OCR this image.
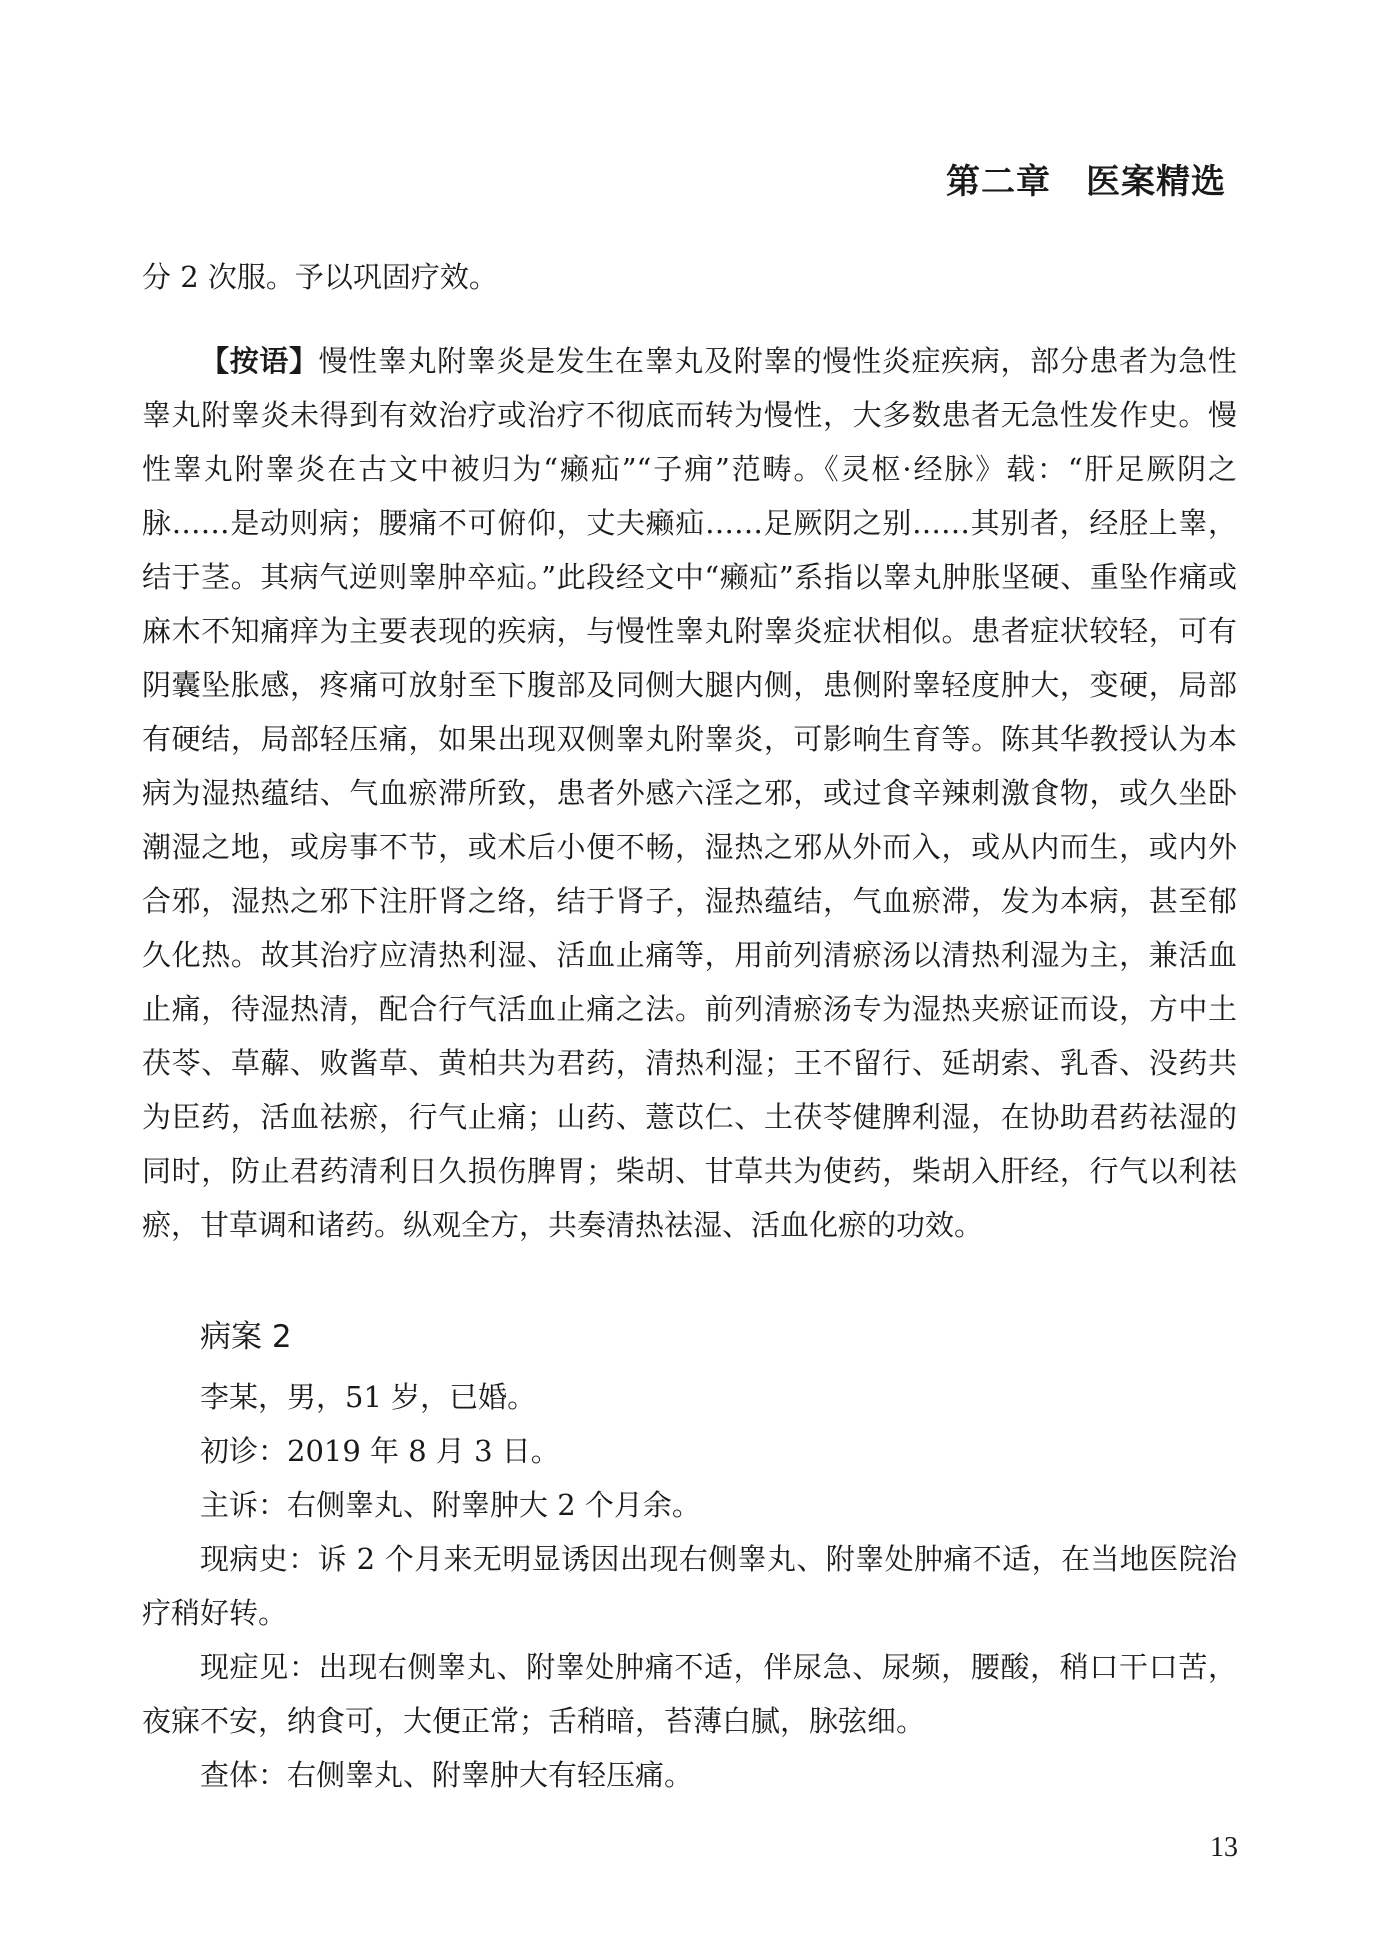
第二章　医案精选

分 2 次服。予以巩固疗效。

【按语】慢性睾丸附睾炎是发生在睾丸及附睾的慢性炎症疾病，部分患者为急性睾丸附睾炎未得到有效治疗或治疗不彻底而转为慢性，大多数患者无急性发作史。慢性睾丸附睾炎在古文中被归为“癞疝”“子痈”范畴。《灵枢·经脉》载：“肝足厥阴之脉……是动则病；腰痛不可俯仰，丈夫癞疝……足厥阴之别……其别者，经胫上睾，结于茎。其病气逆则睾肿卒疝。”此段经文中“癞疝”系指以睾丸肿胀坚硬、重坠作痛或麻木不知痛痒为主要表现的疾病，与慢性睾丸附睾炎症状相似。患者症状较轻，可有阴囊坠胀感，疼痛可放射至下腹部及同侧大腿内侧，患侧附睾轻度肿大，变硬，局部有硬结，局部轻压痛，如果出现双侧睾丸附睾炎，可影响生育等。陈其华教授认为本病为湿热蕴结、气血瘀滞所致，患者外感六淫之邪，或过食辛辣刺激食物，或久坐卧潮湿之地，或房事不节，或术后小便不畅，湿热之邪从外而入，或从内而生，或内外合邪，湿热之邪下注肝肾之络，结于肾子，湿热蕴结，气血瘀滞，发为本病，甚至郁久化热。故其治疗应清热利湿、活血止痛等，用前列清瘀汤以清热利湿为主，兼活血止痛，待湿热清，配合行气活血止痛之法。前列清瘀汤专为湿热夹瘀证而设，方中土茯苓、草薢、败酱草、黄柏共为君药，清热利湿；王不留行、延胡索、乳香、没药共为臣药，活血祛瘀，行气止痛；山药、薏苡仁、土茯苓健脾利湿，在协助君药祛湿的同时，防止君药清利日久损伤脾胃；柴胡、甘草共为使药，柴胡入肝经，行气以利祛瘀，甘草调和诸药。纵观全方，共奏清热祛湿、活血化瘀的功效。

病案 2

李某，男，51 岁，已婚。

初诊：2019 年 8 月 3 日。

主诉：右侧睾丸、附睾肿大 2 个月余。

现病史：诉 2 个月来无明显诱因出现右侧睾丸、附睾处肿痛不适，在当地医院治疗稍好转。

现症见：出现右侧睾丸、附睾处肿痛不适，伴尿急、尿频，腰酸，稍口干口苦，夜寐不安，纳食可，大便正常；舌稍暗，苔薄白腻，脉弦细。

查体：右侧睾丸、附睾肿大有轻压痛。

13
